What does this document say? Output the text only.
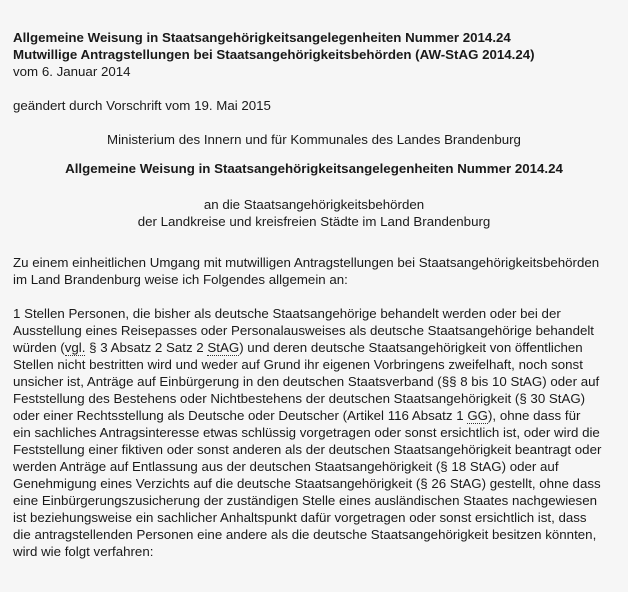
Allgemeine Weisung in Staatsangehörigkeitsangelegenheiten Nummer 2014.24
Mutwillige Antragstellungen bei Staatsangehörigkeitsbehörden (AW-StAG 2014.24)
vom 6. Januar 2014
geändert durch Vorschrift vom 19. Mai 2015
Ministerium des Innern und für Kommunales des Landes Brandenburg
Allgemeine Weisung in Staatsangehörigkeitsangelegenheiten Nummer 2014.24
an die Staatsangehörigkeitsbehörden
der Landkreise und kreisfreien Städte im Land Brandenburg
Zu einem einheitlichen Umgang mit mutwilligen Antragstellungen bei Staatsangehörigkeitsbehörden
im Land Brandenburg weise ich Folgendes allgemein an:
1 Stellen Personen, die bisher als deutsche Staatsangehörige behandelt werden oder bei der
Ausstellung eines Reisepasses oder Personalausweises als deutsche Staatsangehörige behandelt
würden (vgl. § 3 Absatz 2 Satz 2 StAG) und deren deutsche Staatsangehörigkeit von öffentlichen
Stellen nicht bestritten wird und weder auf Grund ihr eigenen Vorbringens zweifelhaft, noch sonst
unsicher ist, Anträge auf Einbürgerung in den deutschen Staatsverband (§§ 8 bis 10 StAG) oder auf
Feststellung des Bestehens oder Nichtbestehens der deutschen Staatsangehörigkeit (§ 30 StAG)
oder einer Rechtsstellung als Deutsche oder Deutscher (Artikel 116 Absatz 1 GG), ohne dass für
ein sachliches Antragsinteresse etwas schlüssig vorgetragen oder sonst ersichtlich ist, oder wird die
Feststellung einer fiktiven oder sonst anderen als der deutschen Staatsangehörigkeit beantragt oder
werden Anträge auf Entlassung aus der deutschen Staatsangehörigkeit (§ 18 StAG) oder auf
Genehmigung eines Verzichts auf die deutsche Staatsangehörigkeit (§ 26 StAG) gestellt, ohne dass
eine Einbürgerungszusicherung der zuständigen Stelle eines ausländischen Staates nachgewiesen
ist beziehungsweise ein sachlicher Anhaltspunkt dafür vorgetragen oder sonst ersichtlich ist, dass
die antragstellenden Personen eine andere als die deutsche Staatsangehörigkeit besitzen könnten,
wird wie folgt verfahren:
